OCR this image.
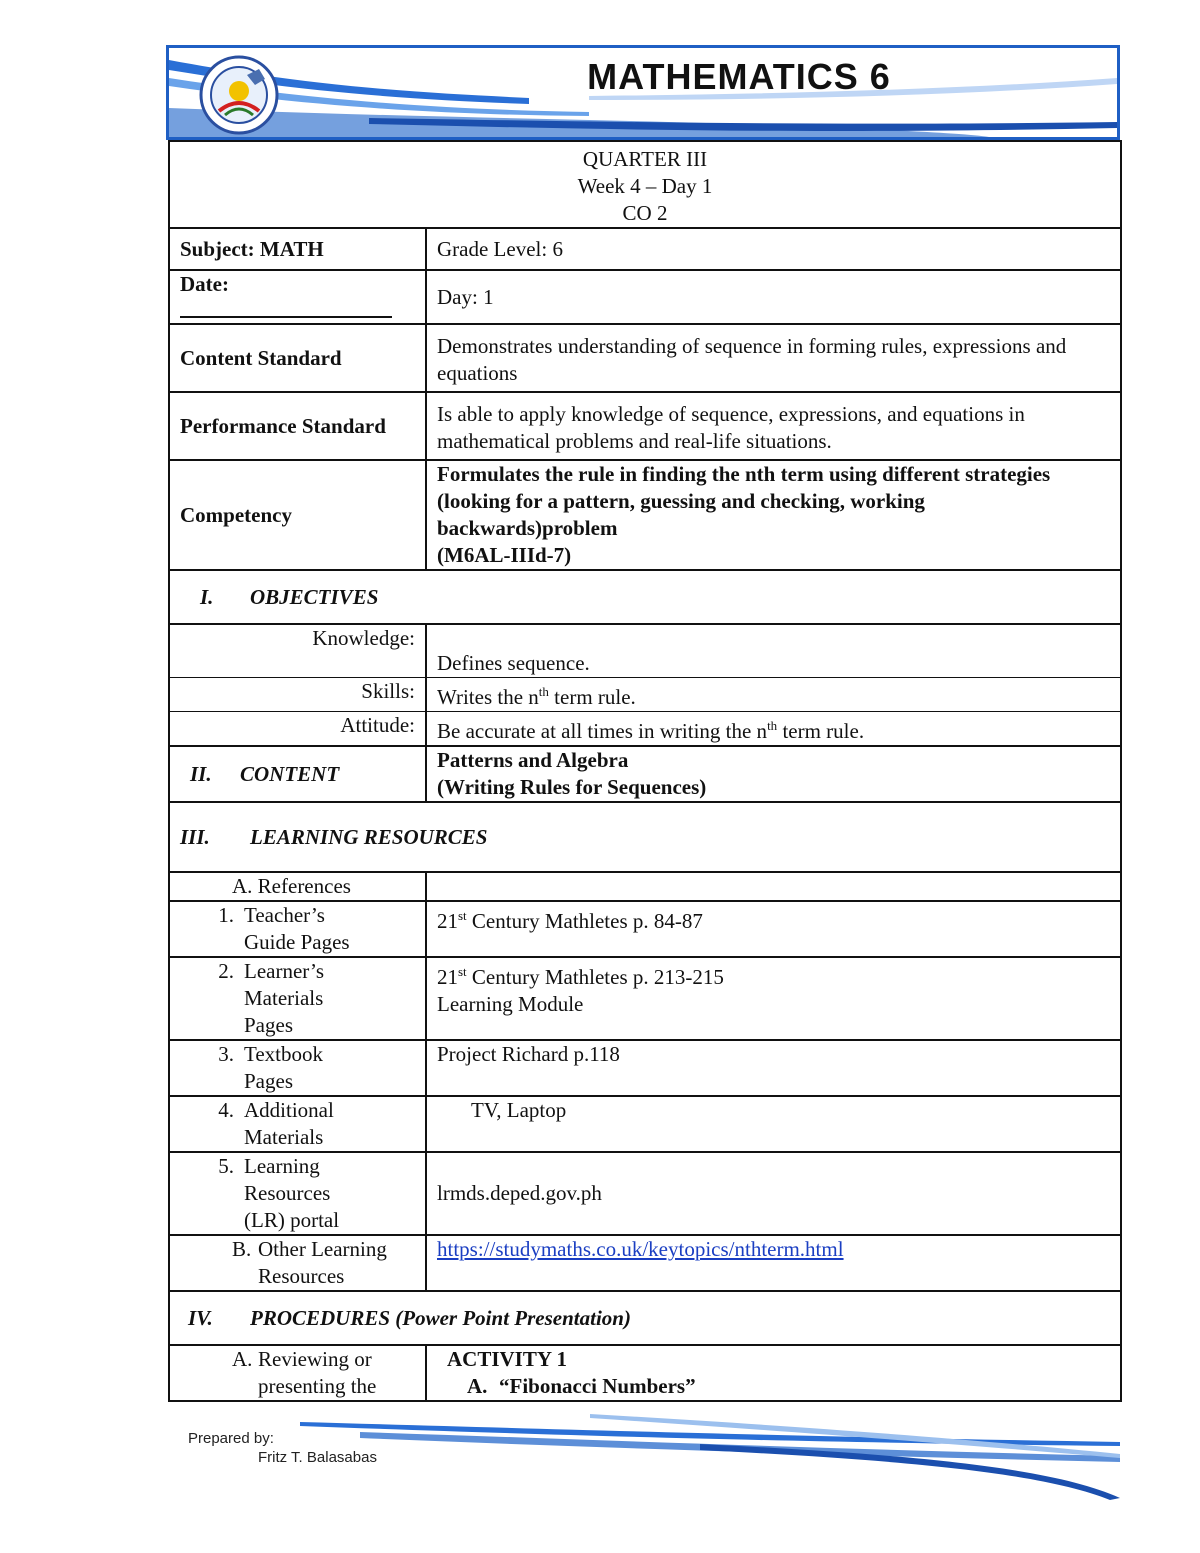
MATHEMATICS 6
QUARTER III
Week 4 – Day 1
CO 2	

Subject: MATH	Grade Level: 6
Date:	Day: 1
Content Standard	Demonstrates understanding of sequence in forming rules, expressions and equations
Performance Standard	Is able to apply knowledge of sequence, expressions, and equations in mathematical problems and real-life situations.
Competency	Formulates the rule in finding the nth term using different strategies (looking for a pattern, guessing and checking, working backwards)problem
(M6AL-IIId-7)

I. OBJECTIVES	
Knowledge:	Defines sequence.
Skills:	Writes the $n^{th}$ term rule.
Attitude:	Be accurate at all times in writing the $n^{th}$ term rule.
II. CONTENT	Patterns and Algebra
(Writing Rules for Sequences)

III. LEARNING RESOURCES	
A. References	
1. Teacher’s Guide Pages	21st Century Mathletes p. 84-87
2. Learner’s Materials Pages	21st Century Mathletes p. 213-215
Learning Module

3. Textbook Pages	Project Richard p.118
4. Additional Materials	TV, Laptop
5. Learning Resources (LR) portal	lrmds.deped.gov.ph
B. Other Learning Resources	https://studymaths.co.uk/keytopics/nthterm.html
IV. PROCEDURES (Power Point Presentation)	
A. Reviewing or presenting the	ACTIVITY 1
A. “Fibonacci Numbers”
Prepared by:
Fritz T. Balasabas
